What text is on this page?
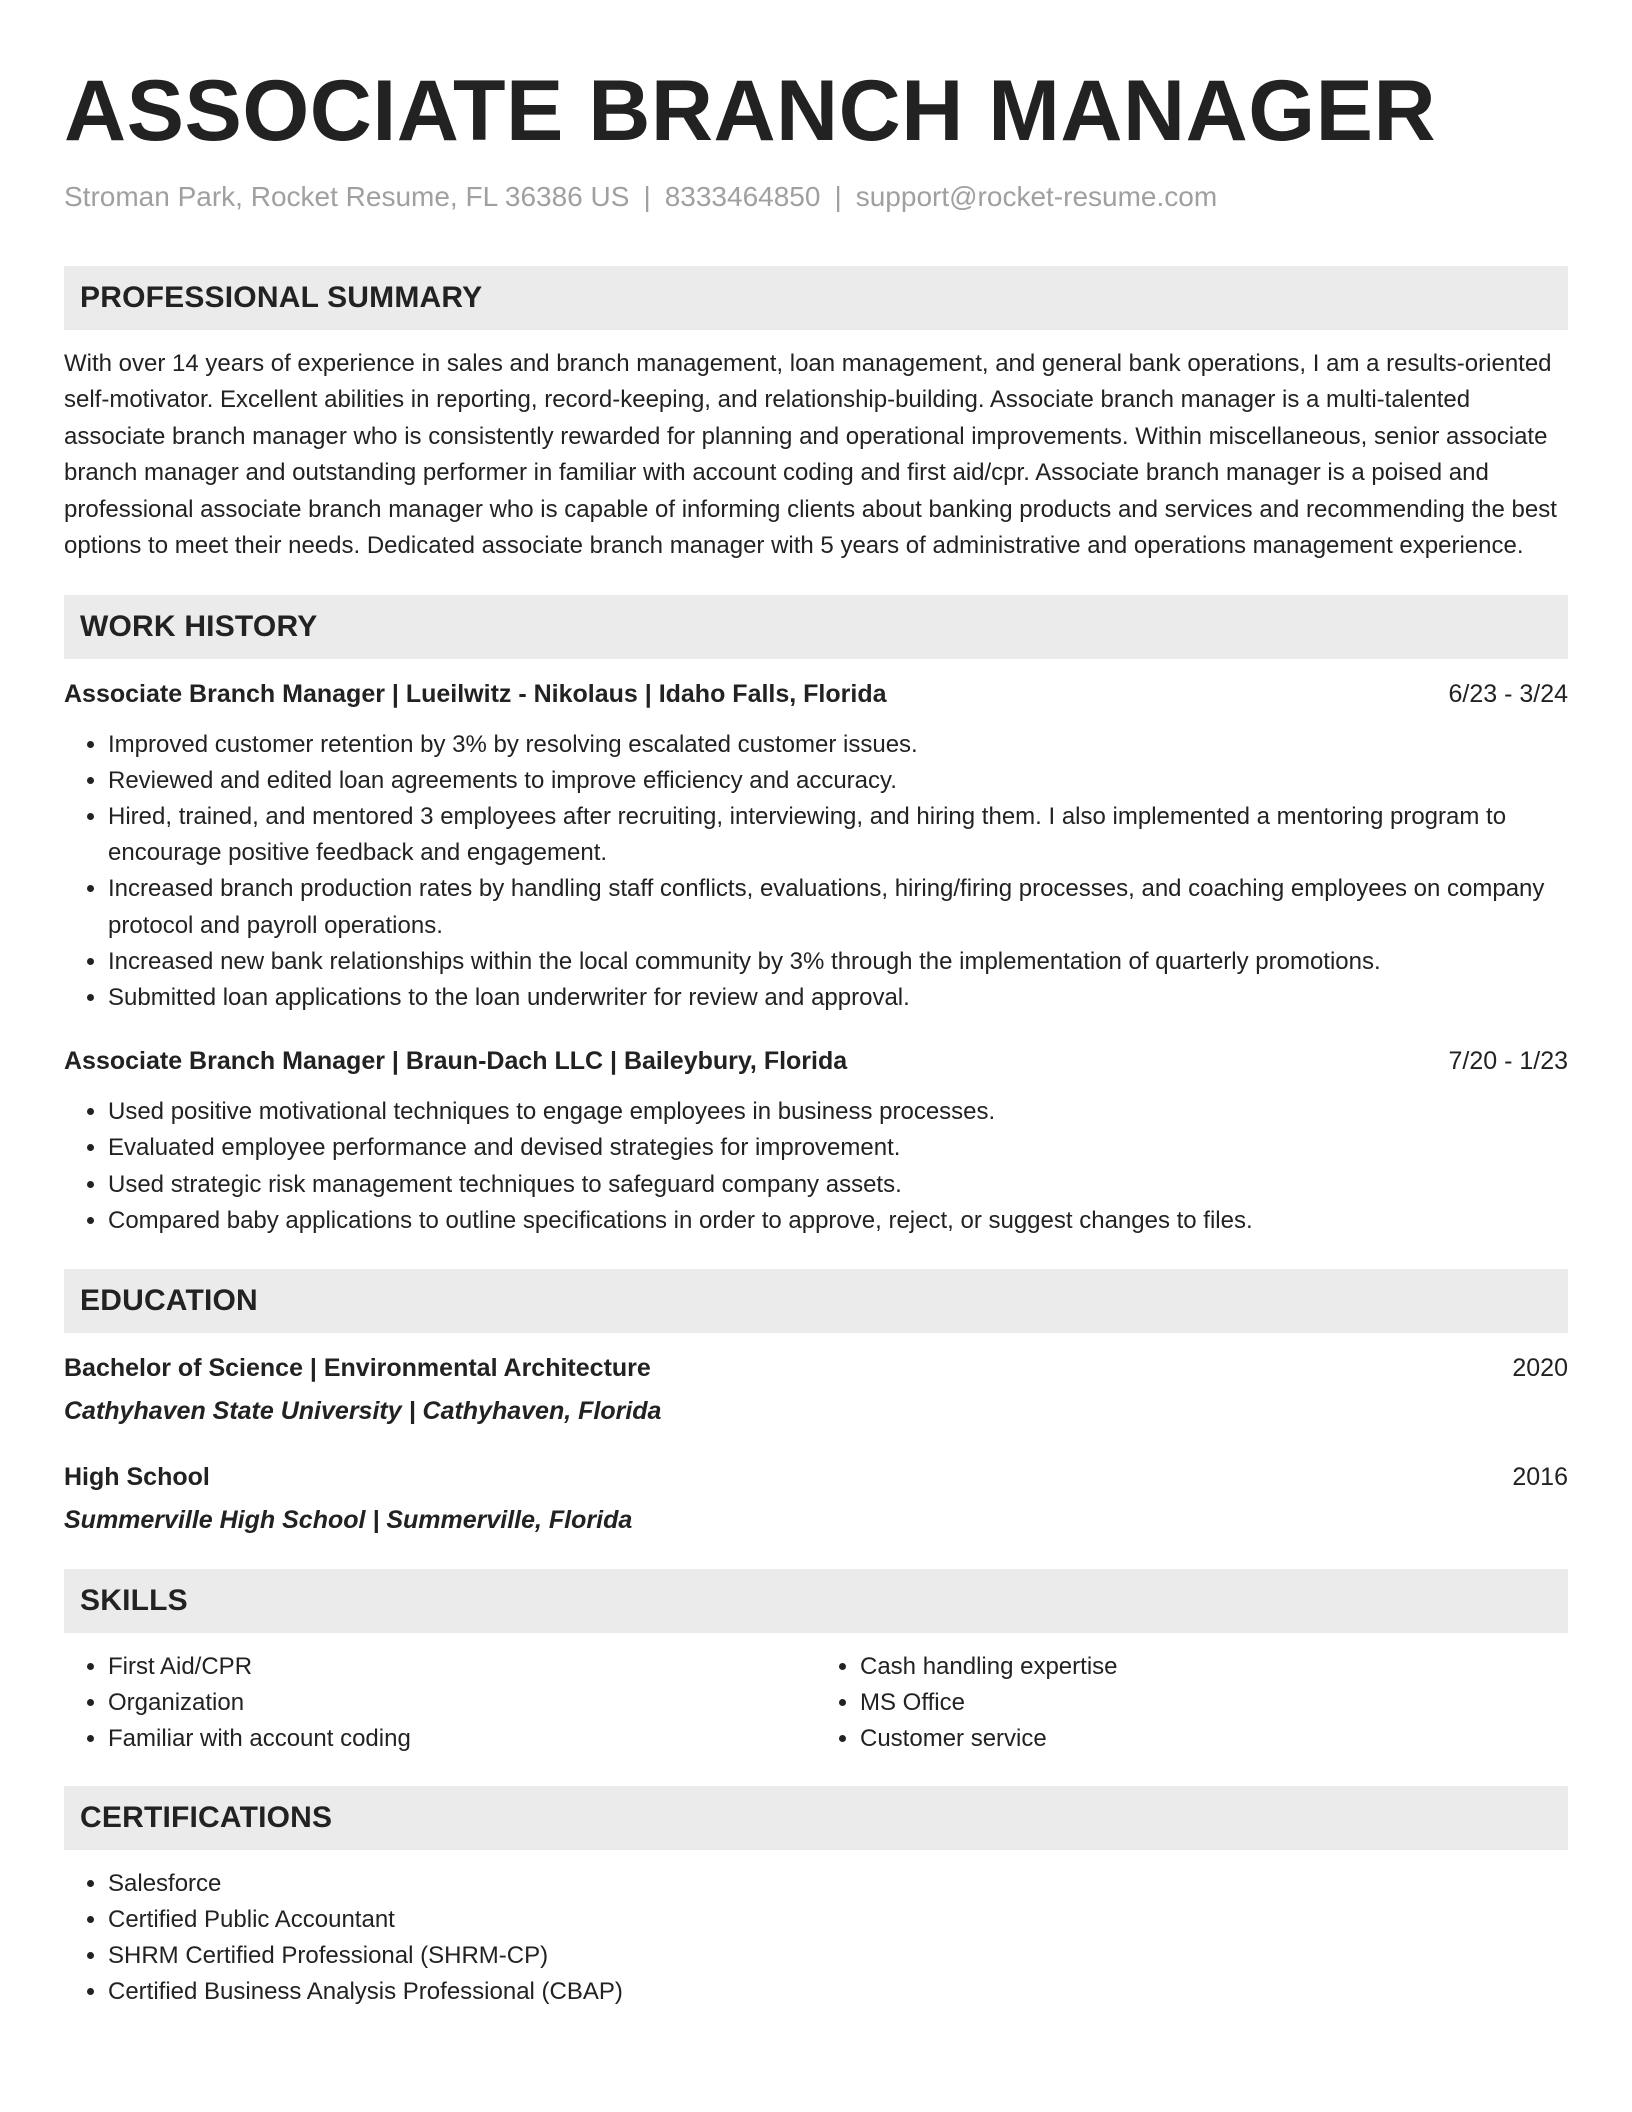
ASSOCIATE BRANCH MANAGER
Stroman Park, Rocket Resume, FL 36386 US | 8333464850 | support@rocket-resume.com
PROFESSIONAL SUMMARY

With over 14 years of experience in sales and branch management, loan management, and general bank operations, I am a results-oriented self-motivator. Excellent abilities in reporting, record-keeping, and relationship-building. Associate branch manager is a multi-talented associate branch manager who is consistently rewarded for planning and operational improvements. Within miscellaneous, senior associate branch manager and outstanding performer in familiar with account coding and first aid/cpr. Associate branch manager is a poised and professional associate branch manager who is capable of informing clients about banking products and services and recommending the best options to meet their needs. Dedicated associate branch manager with 5 years of administrative and operations management experience.

WORK HISTORY
Associate Branch Manager | Lueilwitz - Nikolaus | Idaho Falls, Florida	6/23 - 3/24
• Improved customer retention by 3% by resolving escalated customer issues.
• Reviewed and edited loan agreements to improve efficiency and accuracy.
• Hired, trained, and mentored 3 employees after recruiting, interviewing, and hiring them. I also implemented a mentoring program to encourage positive feedback and engagement.
• Increased branch production rates by handling staff conflicts, evaluations, hiring/firing processes, and coaching employees on company protocol and payroll operations.
• Increased new bank relationships within the local community by 3% through the implementation of quarterly promotions.
• Submitted loan applications to the loan underwriter for review and approval.
Associate Branch Manager | Braun-Dach LLC | Baileybury, Florida	7/20 - 1/23
• Used positive motivational techniques to engage employees in business processes.
• Evaluated employee performance and devised strategies for improvement.
• Used strategic risk management techniques to safeguard company assets.
• Compared baby applications to outline specifications in order to approve, reject, or suggest changes to files.
EDUCATION
Bachelor of Science | Environmental Architecture	2020
Cathyhaven State University | Cathyhaven, Florida
High School	2016
Summerville High School | Summerville, Florida
SKILLS
• First Aid/CPR
• Organization
• Familiar with account coding
• Cash handling expertise
• MS Office
• Customer service
CERTIFICATIONS
• Salesforce
• Certified Public Accountant
• SHRM Certified Professional (SHRM-CP)
• Certified Business Analysis Professional (CBAP)
